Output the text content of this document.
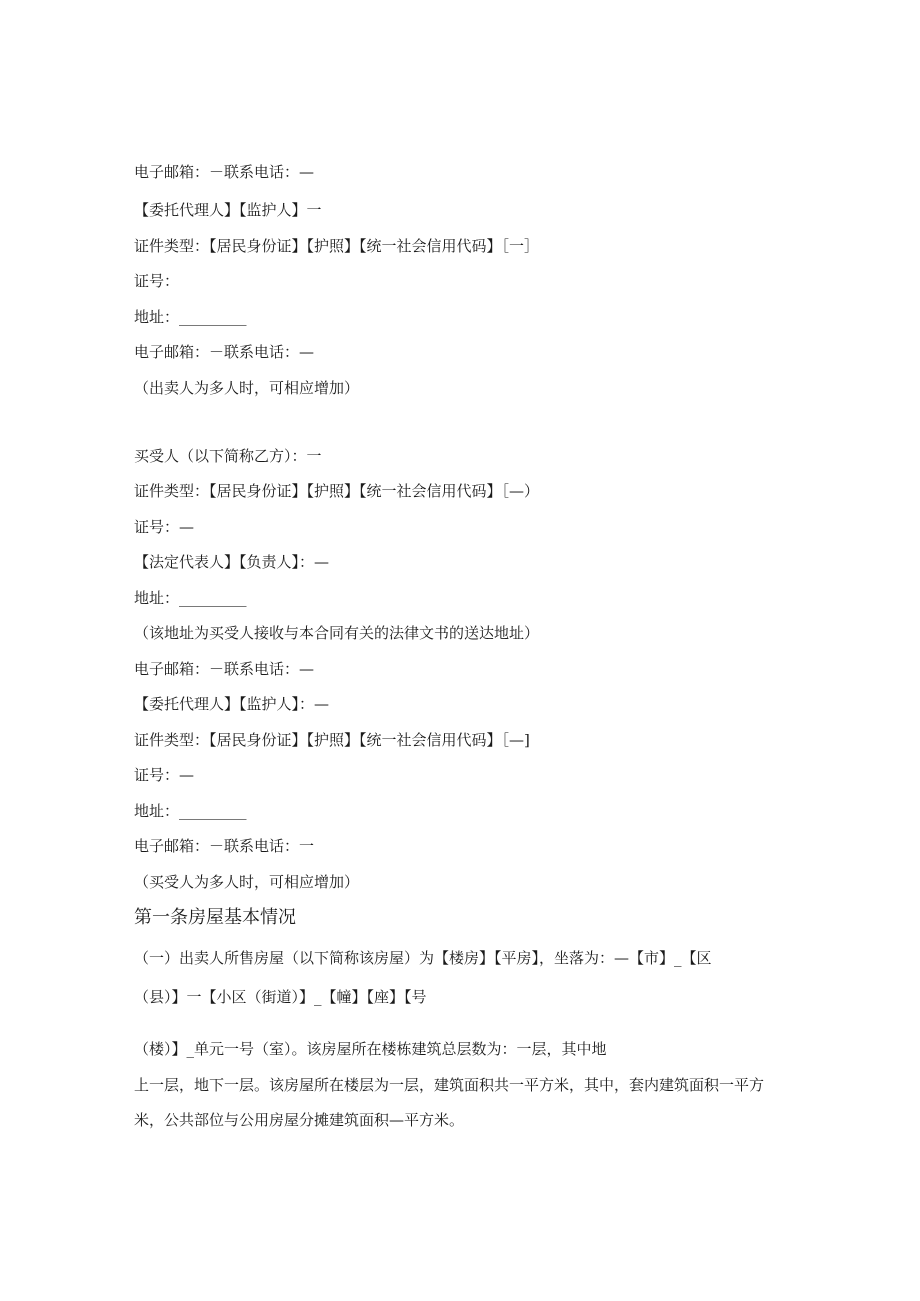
电子邮箱：－联系电话：—
【委托代理人】【监护人】一
证件类型：【居民身份证】【护照】【统一社会信用代码】［一］
证号：
地址：_________
电子邮箱：－联系电话：—
（出卖人为多人时，可相应增加）
买受人（以下简称乙方）：一
证件类型：【居民身份证】【护照】【统一社会信用代码】［—）
证号：—
【法定代表人】【负责人】：—
地址：_________
（该地址为买受人接收与本合同有关的法律文书的送达地址）
电子邮箱：－联系电话：—
【委托代理人】【监护人】：—
证件类型：【居民身份证】【护照】【统一社会信用代码】［—]
证号：—
地址：_________
电子邮箱：－联系电话：一
（买受人为多人时，可相应增加）
第一条房屋基本情况
（一）出卖人所售房屋（以下简称该房屋）为【楼房】【平房】，坐落为：—【市】_【区
（县）】一【小区（街道）】_【幢】【座】【号
（楼）】_单元一号（室）。该房屋所在楼栋建筑总层数为：一层，其中地
上一层，地下一层。该房屋所在楼层为一层，建筑面积共一平方米，其中，套内建筑面积一平方
米，公共部位与公用房屋分摊建筑面积—平方米。
